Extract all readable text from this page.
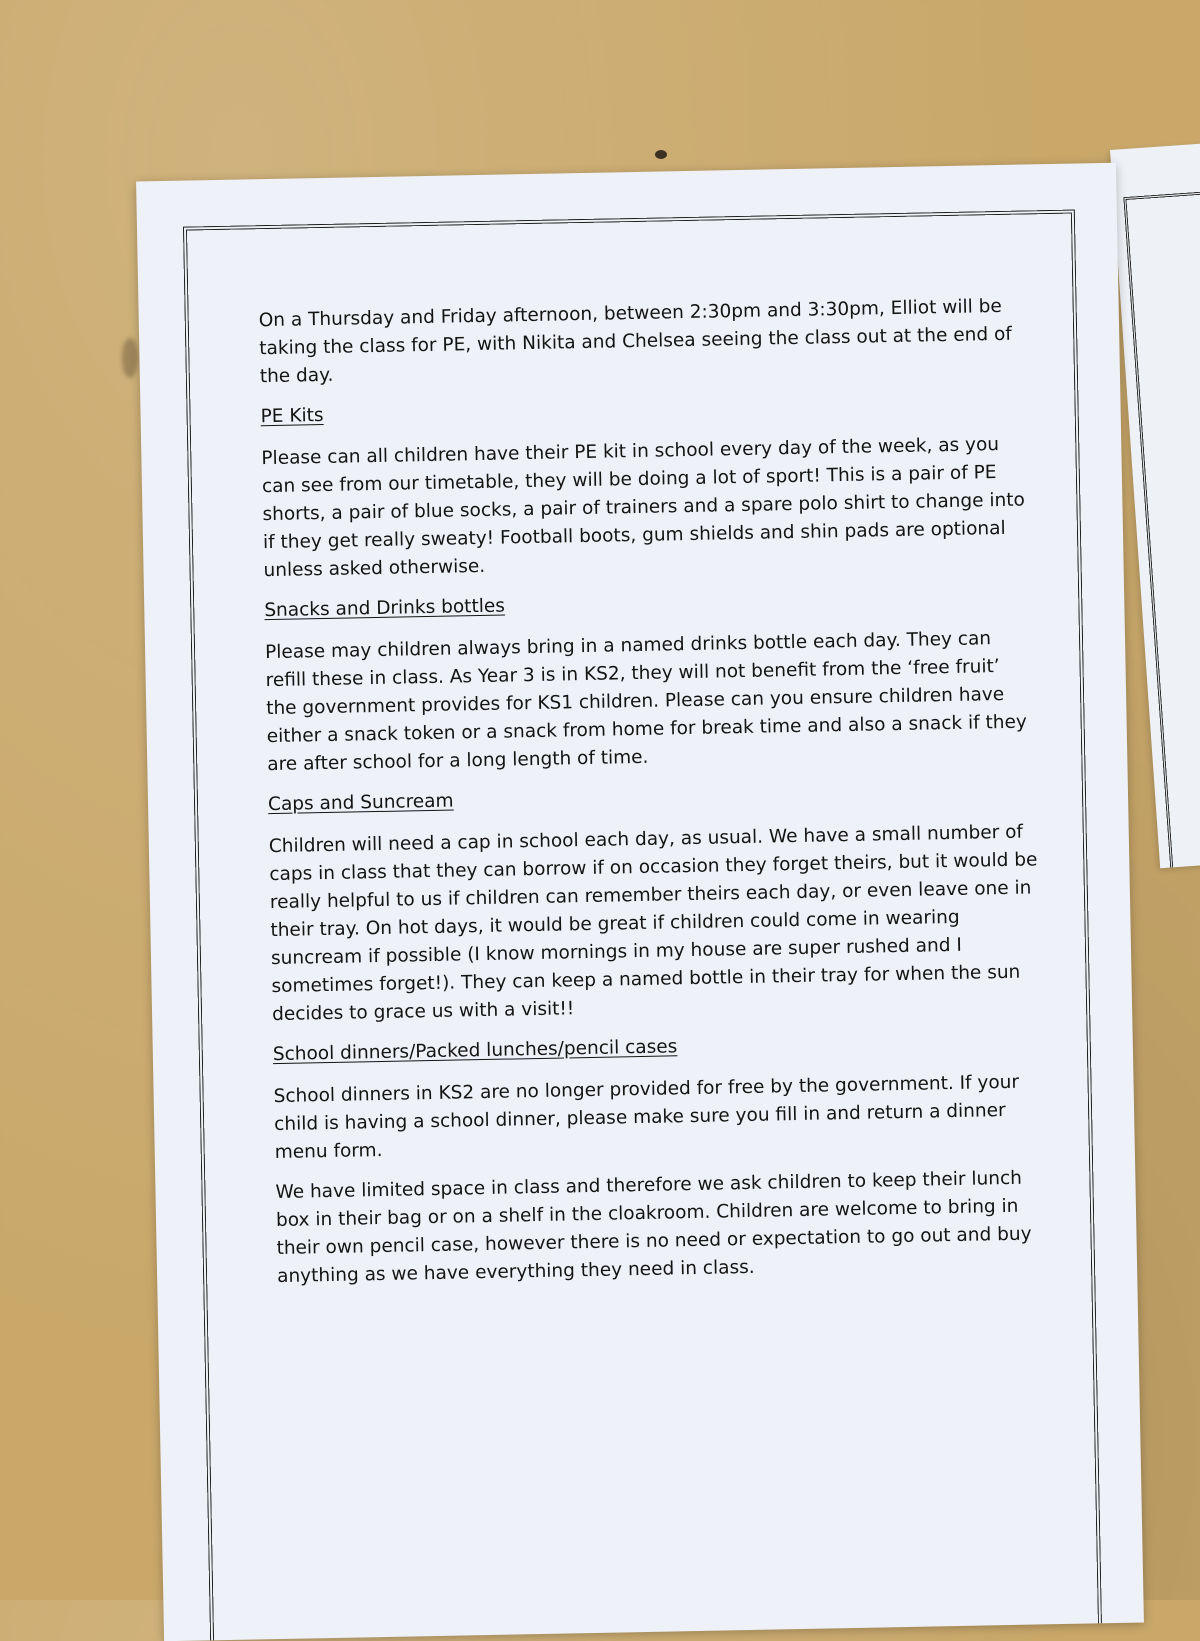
On a Thursday and Friday afternoon, between 2:30pm and 3:30pm, Elliot will be taking the class for PE, with Nikita and Chelsea seeing the class out at the end of the day.

PE Kits

Please can all children have their PE kit in school every day of the week, as you can see from our timetable, they will be doing a lot of sport! This is a pair of PE shorts, a pair of blue socks, a pair of trainers and a spare polo shirt to change into if they get really sweaty! Football boots, gum shields and shin pads are optional unless asked otherwise.

Snacks and Drinks bottles

Please may children always bring in a named drinks bottle each day. They can refill these in class. As Year 3 is in KS2, they will not benefit from the ‘free fruit’ the government provides for KS1 children. Please can you ensure children have either a snack token or a snack from home for break time and also a snack if they are after school for a long length of time.

Caps and Suncream

Children will need a cap in school each day, as usual. We have a small number of caps in class that they can borrow if on occasion they forget theirs, but it would be really helpful to us if children can remember theirs each day, or even leave one in their tray. On hot days, it would be great if children could come in wearing suncream if possible (I know mornings in my house are super rushed and I sometimes forget!). They can keep a named bottle in their tray for when the sun decides to grace us with a visit!!

School dinners/Packed lunches/pencil cases

School dinners in KS2 are no longer provided for free by the government. If your child is having a school dinner, please make sure you fill in and return a dinner menu form.

We have limited space in class and therefore we ask children to keep their lunch box in their bag or on a shelf in the cloakroom. Children are welcome to bring in their own pencil case, however there is no need or expectation to go out and buy anything as we have everything they need in class.
